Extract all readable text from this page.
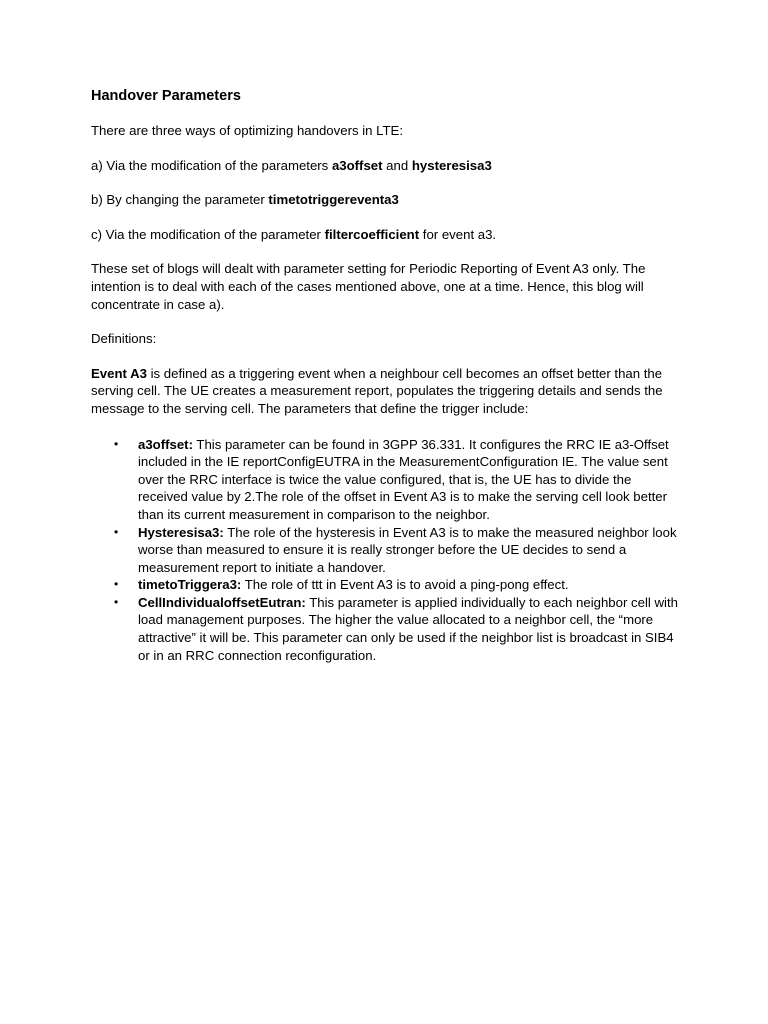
Handover Parameters

There are three ways of optimizing handovers in LTE:

a) Via the modification of the parameters a3offset and hysteresisa3

b) By changing the parameter timetotriggereventa3

c) Via the modification of the parameter filtercoefficient for event a3.

These set of blogs will dealt with parameter setting for Periodic Reporting of Event A3 only. The intention is to deal with each of the cases mentioned above, one at a time. Hence, this blog will concentrate in case a).

Definitions:

Event A3 is defined as a triggering event when a neighbour cell becomes an offset better than the serving cell. The UE creates a measurement report, populates the triggering details and sends the message to the serving cell. The parameters that define the trigger include:

• a3offset: This parameter can be found in 3GPP 36.331. It configures the RRC IE a3-Offset included in the IE reportConfigEUTRA in the MeasurementConfiguration IE. The value sent over the RRC interface is twice the value configured, that is, the UE has to divide the received value by 2.The role of the offset in Event A3 is to make the serving cell look better than its current measurement in comparison to the neighbor.
• Hysteresisa3: The role of the hysteresis in Event A3 is to make the measured neighbor look worse than measured to ensure it is really stronger before the UE decides to send a measurement report to initiate a handover.
• timetoTriggera3: The role of ttt in Event A3 is to avoid a ping-pong effect.
• CellIndividualoffsetEutran: This parameter is applied individually to each neighbor cell with load management purposes. The higher the value allocated to a neighbor cell, the “more attractive” it will be. This parameter can only be used if the neighbor list is broadcast in SIB4 or in an RRC connection reconfiguration.
